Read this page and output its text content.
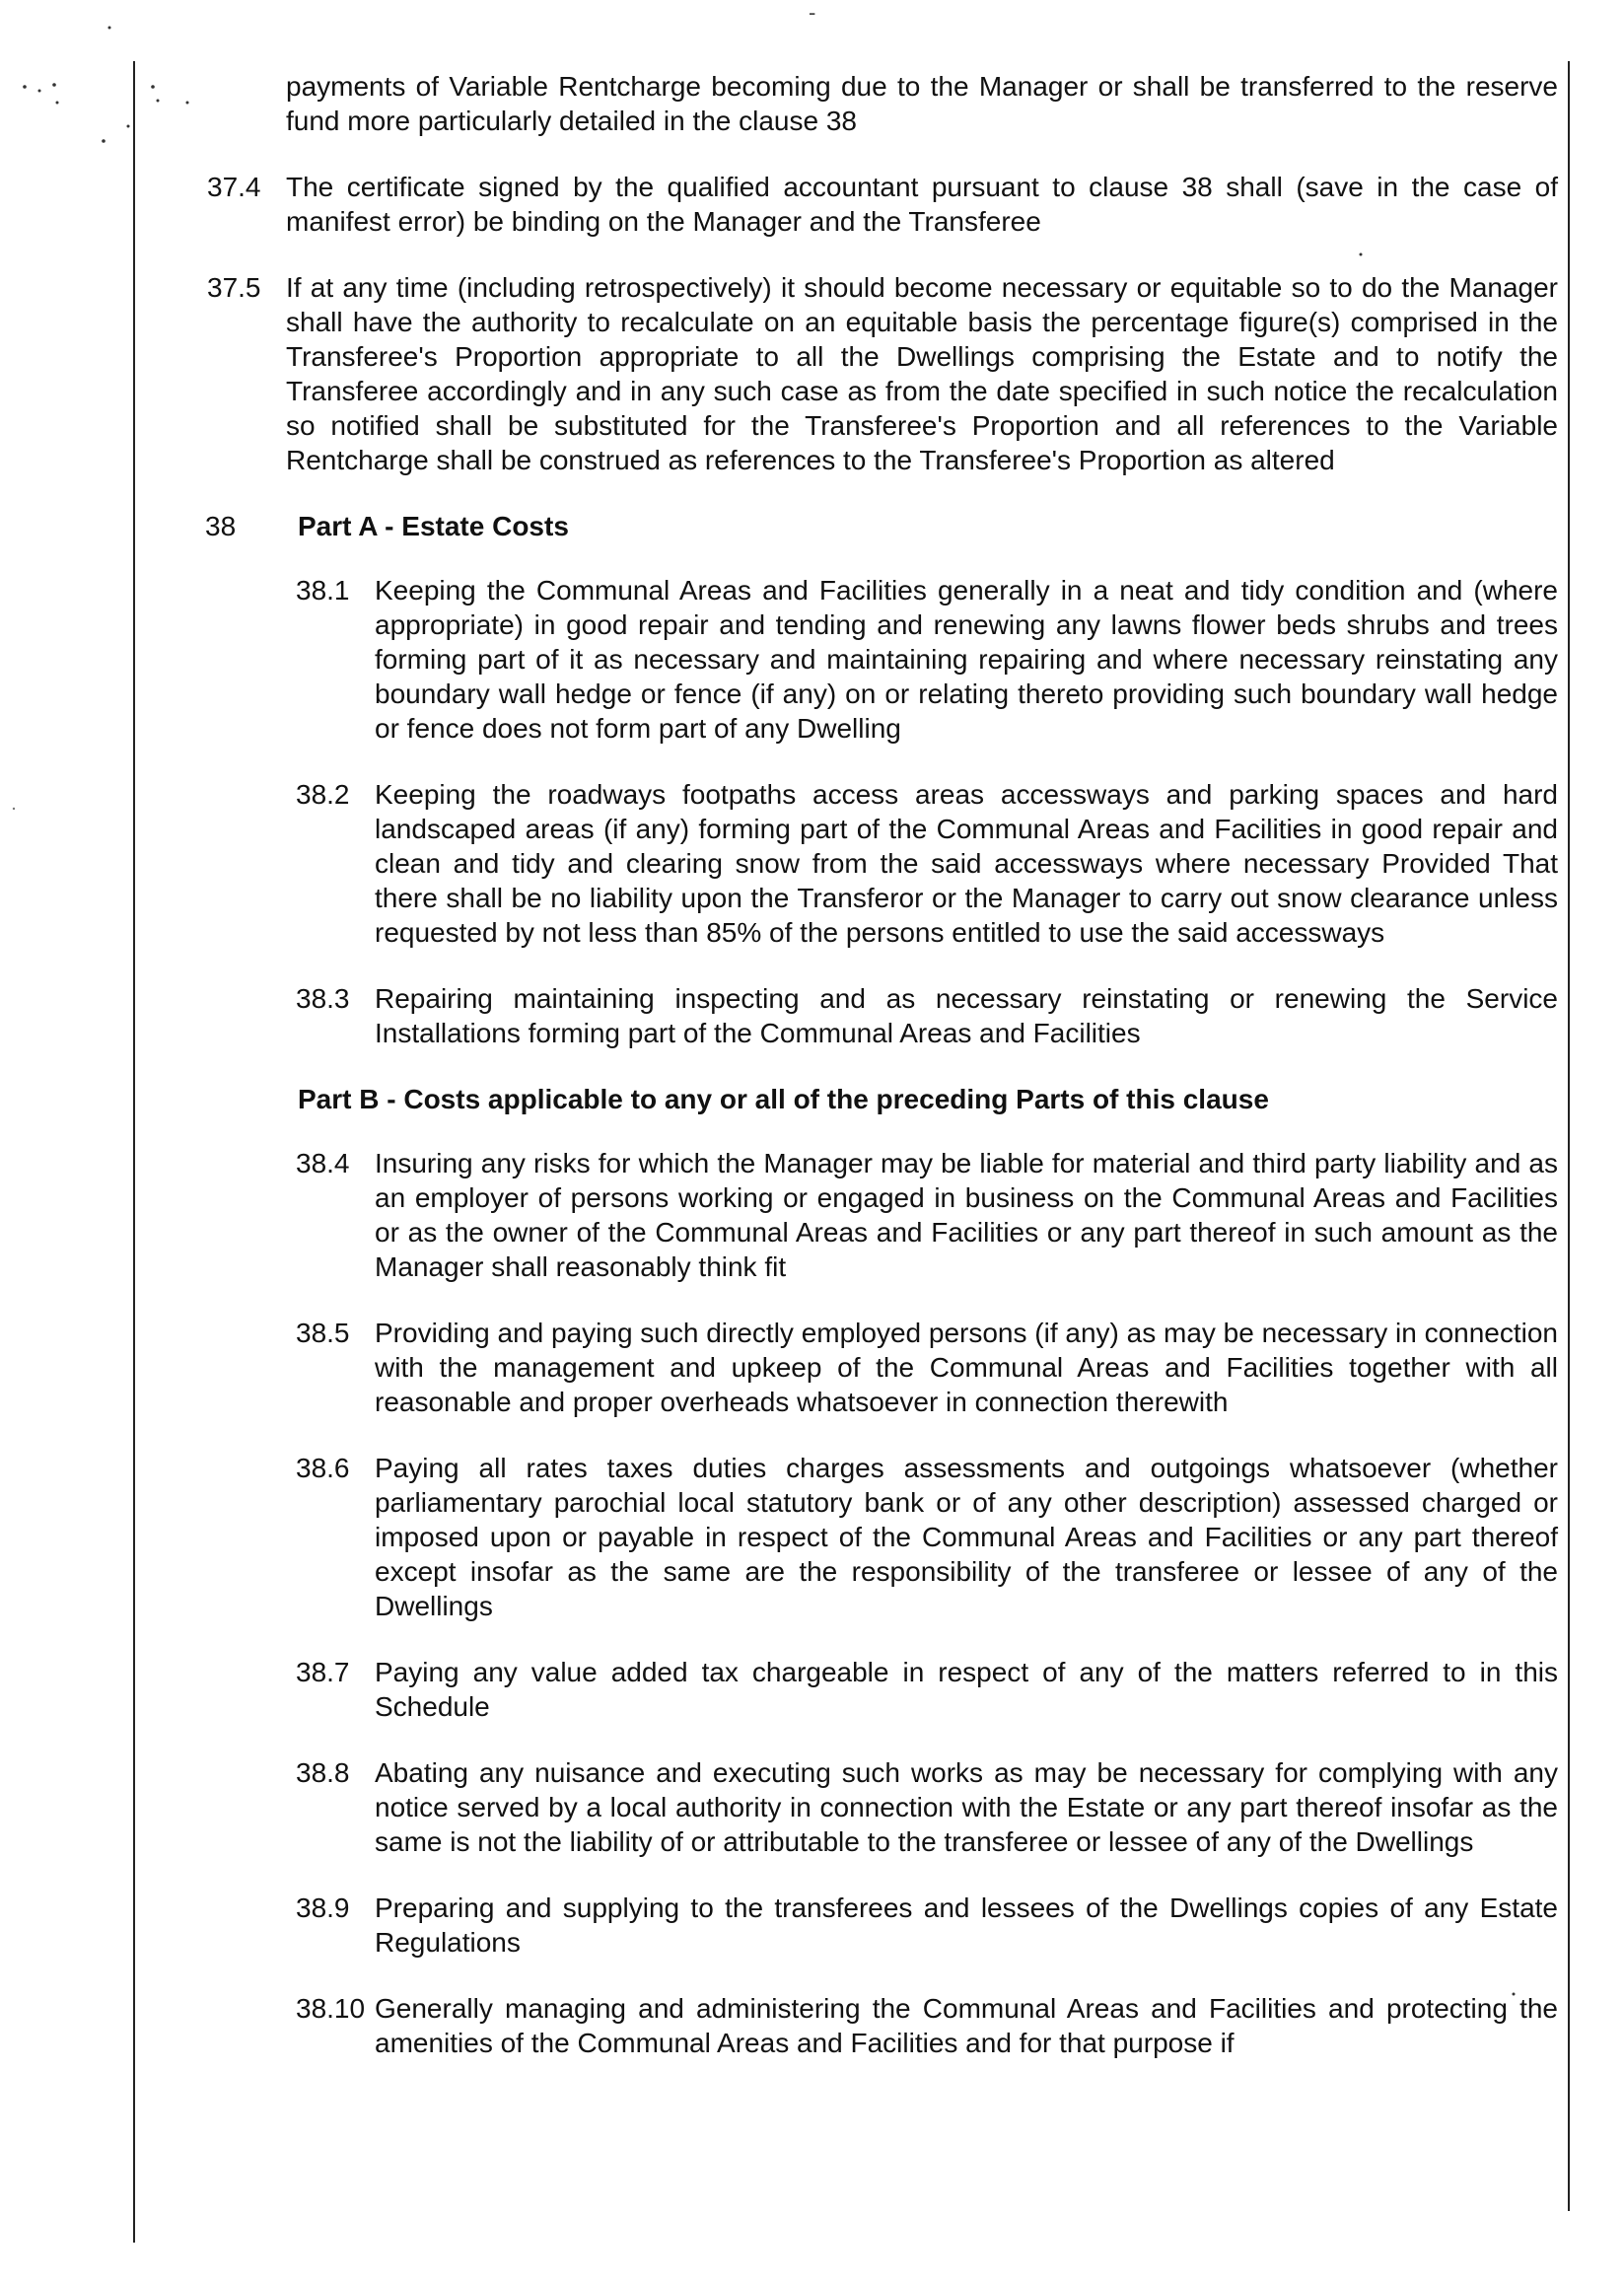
-

payments of Variable Rentcharge becoming due to the Manager or shall be transferred to the reserve fund more particularly detailed in the clause 38

37.4 The certificate signed by the qualified accountant pursuant to clause 38 shall (save in the case of manifest error) be binding on the Manager and the Transferee
37.5 If at any time (including retrospectively) it should become necessary or equitable so to do the Manager shall have the authority to recalculate on an equitable basis the percentage figure(s) comprised in the Transferee's Proportion appropriate to all the Dwellings comprising the Estate and to notify the Transferee accordingly and in any such case as from the date specified in such notice the recalculation so notified shall be substituted for the Transferee's Proportion and all references to the Variable Rentcharge shall be construed as references to the Transferee's Proportion as altered
38 Part A - Estate Costs
38.1 Keeping the Communal Areas and Facilities generally in a neat and tidy condition and (where appropriate) in good repair and tending and renewing any lawns flower beds shrubs and trees forming part of it as necessary and maintaining repairing and where necessary reinstating any boundary wall hedge or fence (if any) on or relating thereto providing such boundary wall hedge or fence does not form part of any Dwelling
38.2 Keeping the roadways footpaths access areas accessways and parking spaces and hard landscaped areas (if any) forming part of the Communal Areas and Facilities in good repair and clean and tidy and clearing snow from the said accessways where necessary Provided That there shall be no liability upon the Transferor or the Manager to carry out snow clearance unless requested by not less than 85% of the persons entitled to use the said accessways
38.3 Repairing maintaining inspecting and as necessary reinstating or renewing the Service Installations forming part of the Communal Areas and Facilities
Part B - Costs applicable to any or all of the preceding Parts of this clause
38.4 Insuring any risks for which the Manager may be liable for material and third party liability and as an employer of persons working or engaged in business on the Communal Areas and Facilities or as the owner of the Communal Areas and Facilities or any part thereof in such amount as the Manager shall reasonably think fit
38.5 Providing and paying such directly employed persons (if any) as may be necessary in connection with the management and upkeep of the Communal Areas and Facilities together with all reasonable and proper overheads whatsoever in connection therewith
38.6 Paying all rates taxes duties charges assessments and outgoings whatsoever (whether parliamentary parochial local statutory bank or of any other description) assessed charged or imposed upon or payable in respect of the Communal Areas and Facilities or any part thereof except insofar as the same are the responsibility of the transferee or lessee of any of the Dwellings
38.7 Paying any value added tax chargeable in respect of any of the matters referred to in this Schedule
38.8 Abating any nuisance and executing such works as may be necessary for complying with any notice served by a local authority in connection with the Estate or any part thereof insofar as the same is not the liability of or attributable to the transferee or lessee of any of the Dwellings
38.9 Preparing and supplying to the transferees and lessees of the Dwellings copies of any Estate Regulations
38.10 Generally managing and administering the Communal Areas and Facilities and protecting the amenities of the Communal Areas and Facilities and for that purpose if
